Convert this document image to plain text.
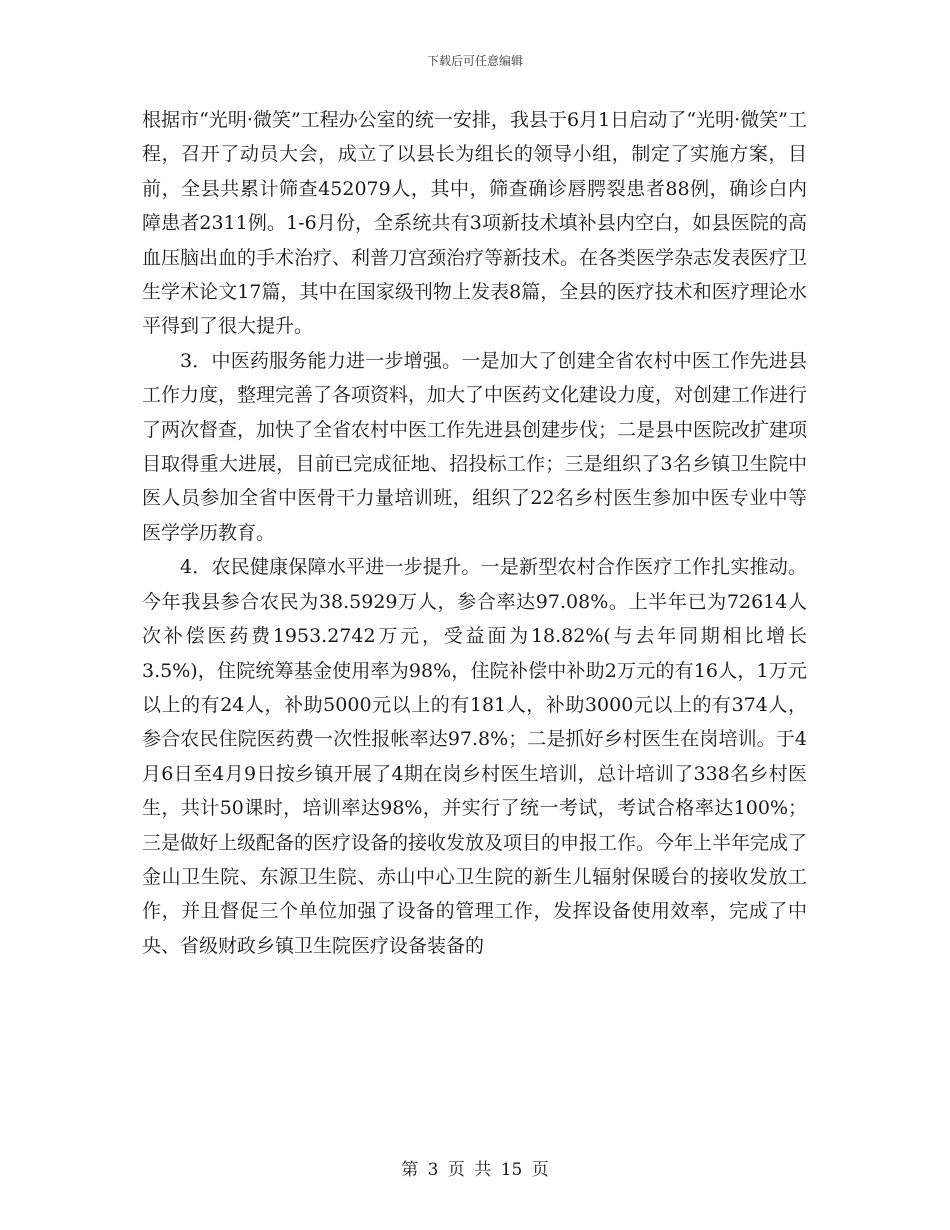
下载后可任意编辑

根据市“光明·微笑”工程办公室的统一安排，我县于6月1日启动了“光明·微笑”工程，召开了动员大会，成立了以县长为组长的领导小组，制定了实施方案，目前，全县共累计筛查452079人，其中，筛查确诊唇腭裂患者88例，确诊白内障患者2311例。1-6月份，全系统共有3项新技术填补县内空白，如县医院的高血压脑出血的手术治疗、利普刀宫颈治疗等新技术。在各类医学杂志发表医疗卫生学术论文17篇，其中在国家级刊物上发表8篇，全县的医疗技术和医疗理论水平得到了很大提升。

3．中医药服务能力进一步增强。一是加大了创建全省农村中医工作先进县工作力度，整理完善了各项资料，加大了中医药文化建设力度，对创建工作进行了两次督查，加快了全省农村中医工作先进县创建步伐；二是县中医院改扩建项目取得重大进展，目前已完成征地、招投标工作；三是组织了3名乡镇卫生院中医人员参加全省中医骨干力量培训班，组织了22名乡村医生参加中医专业中等医学学历教育。

4．农民健康保障水平进一步提升。一是新型农村合作医疗工作扎实推动。今年我县参合农民为38.5929万人，参合率达97.08%。上半年已为72614人次补偿医药费1953.2742万元，受益面为18.82%(与去年同期相比增长3.5%)，住院统筹基金使用率为98%，住院补偿中补助2万元的有16人，1万元以上的有24人，补助5000元以上的有181人，补助3000元以上的有374人，参合农民住院医药费一次性报帐率达97.8%；二是抓好乡村医生在岗培训。于4月6日至4月9日按乡镇开展了4期在岗乡村医生培训，总计培训了338名乡村医生，共计50课时，培训率达98%，并实行了统一考试，考试合格率达100%；三是做好上级配备的医疗设备的接收发放及项目的申报工作。今年上半年完成了金山卫生院、东源卫生院、赤山中心卫生院的新生儿辐射保暖台的接收发放工作，并且督促三个单位加强了设备的管理工作，发挥设备使用效率，完成了中央、省级财政乡镇卫生院医疗设备装备的

第 3 页 共 15 页
